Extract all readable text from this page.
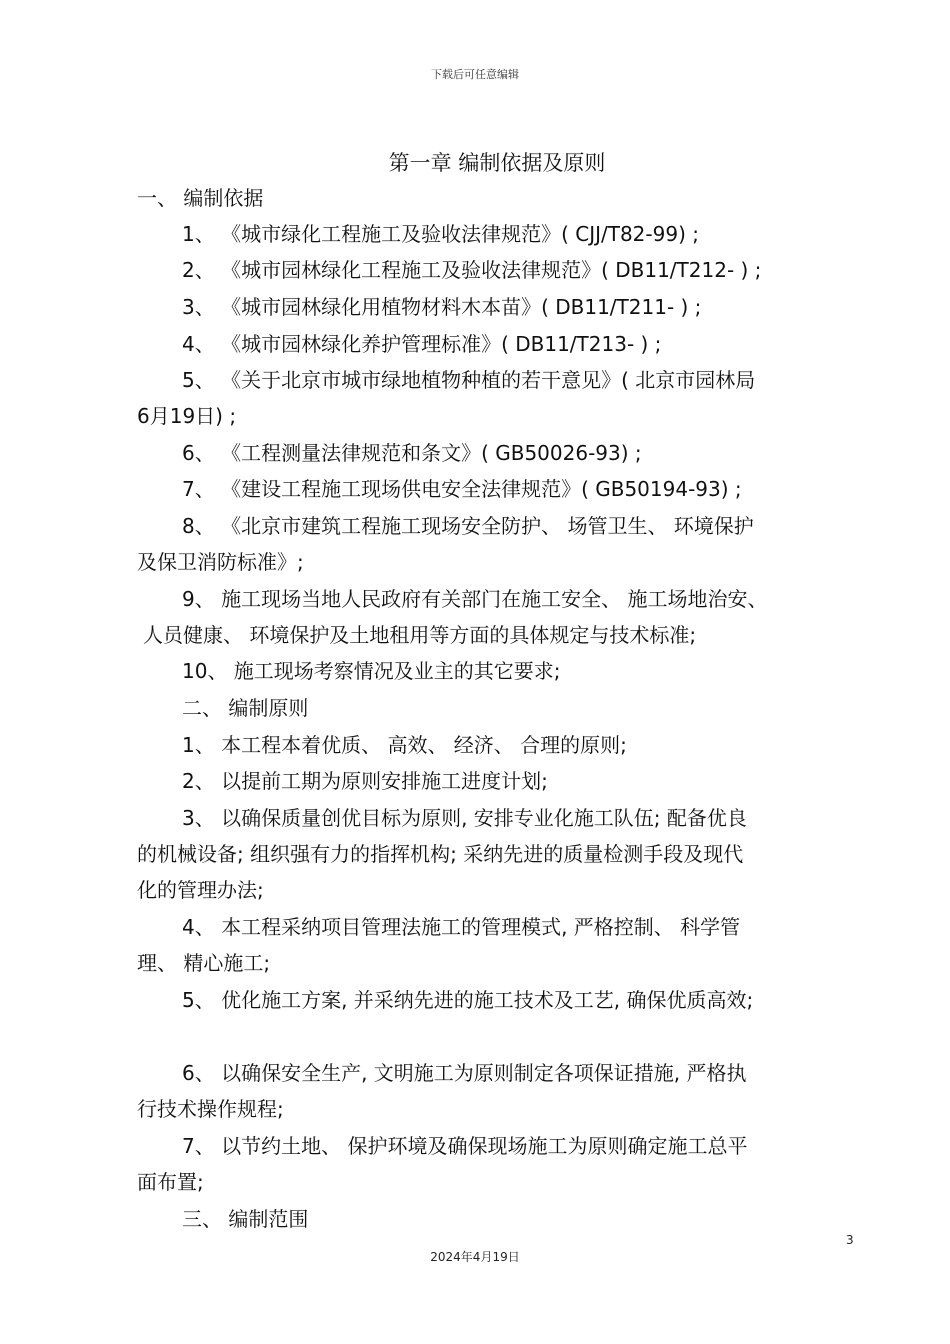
下载后可任意编辑
第一章 编制依据及原则
一、 编制依据
1、 《城市绿化工程施工及验收法律规范》( CJJ/T82-99) ;
2、 《城市园林绿化工程施工及验收法律规范》( DB11/T212- ) ;
3、 《城市园林绿化用植物材料木本苗》( DB11/T211- ) ;
4、 《城市园林绿化养护管理标准》( DB11/T213- ) ;
5、 《关于北京市城市绿地植物种植的若干意见》( 北京市园林局
6月19日) ;
6、 《工程测量法律规范和条文》( GB50026-93) ;
7、 《建设工程施工现场供电安全法律规范》( GB50194-93) ;
8、 《北京市建筑工程施工现场安全防护、 场管卫生、 环境保护
及保卫消防标准》;
9、 施工现场当地人民政府有关部门在施工安全、 施工场地治安、
人员健康、 环境保护及土地租用等方面的具体规定与技术标准;
10、 施工现场考察情况及业主的其它要求;
二、 编制原则
1、 本工程本着优质、 高效、 经济、 合理的原则;
2、 以提前工期为原则安排施工进度计划;
3、 以确保质量创优目标为原则, 安排专业化施工队伍; 配备优良
的机械设备; 组织强有力的指挥机构; 采纳先进的质量检测手段及现代
化的管理办法;
4、 本工程采纳项目管理法施工的管理模式, 严格控制、 科学管
理、 精心施工;
5、 优化施工方案, 并采纳先进的施工技术及工艺, 确保优质高效;
6、 以确保安全生产, 文明施工为原则制定各项保证措施, 严格执
行技术操作规程;
7、 以节约土地、 保护环境及确保现场施工为原则确定施工总平
面布置;
三、 编制范围
3
2024年4月19日
